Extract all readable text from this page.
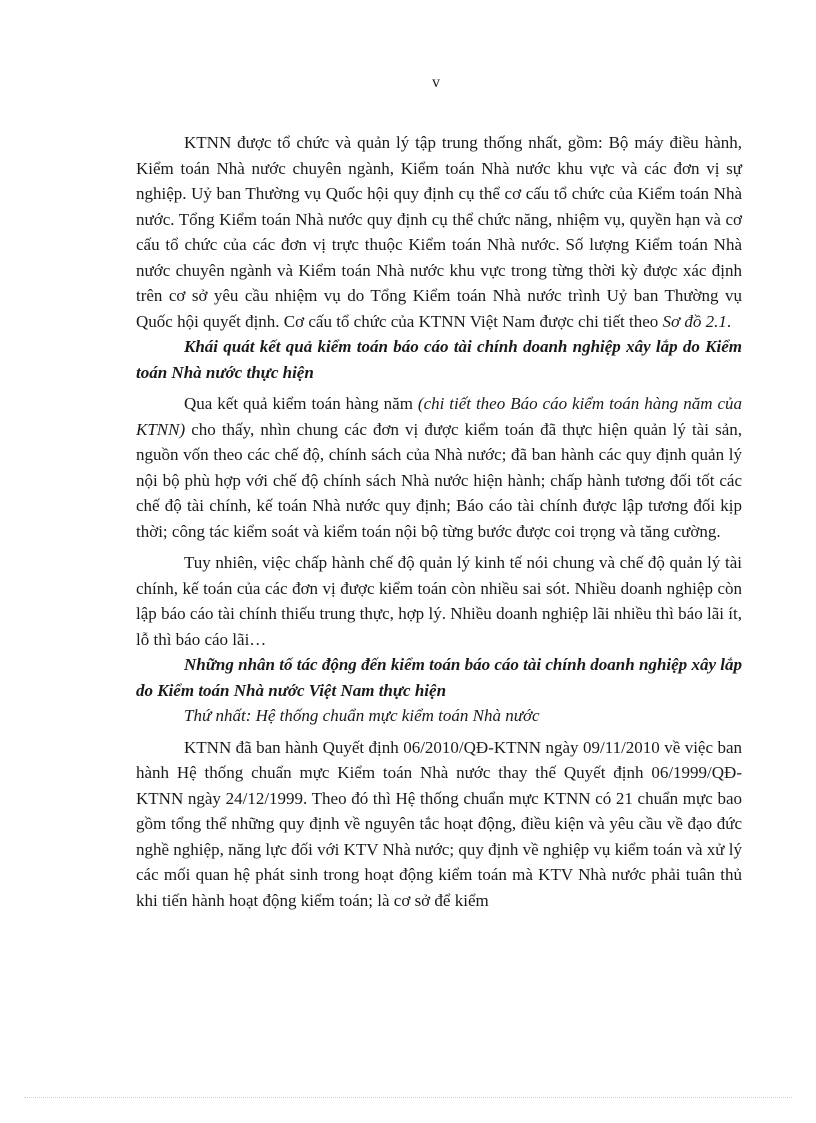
v

KTNN được tổ chức và quản lý tập trung thống nhất, gồm: Bộ máy điều hành, Kiểm toán Nhà nước chuyên ngành, Kiểm toán Nhà nước khu vực và các đơn vị sự nghiệp. Uỷ ban Thường vụ Quốc hội quy định cụ thể cơ cấu tổ chức của Kiểm toán Nhà nước. Tổng Kiểm toán Nhà nước quy định cụ thể chức năng, nhiệm vụ, quyền hạn và cơ cấu tổ chức của các đơn vị trực thuộc Kiểm toán Nhà nước. Số lượng Kiểm toán Nhà nước chuyên ngành và Kiểm toán Nhà nước khu vực trong từng thời kỳ được xác định trên cơ sở yêu cầu nhiệm vụ do Tổng Kiểm toán Nhà nước trình Uỷ ban Thường vụ Quốc hội quyết định. Cơ cấu tổ chức của KTNN Việt Nam được chi tiết theo Sơ đồ 2.1.

Khái quát kết quả kiểm toán báo cáo tài chính doanh nghiệp xây lắp do Kiểm toán Nhà nước thực hiện

Qua kết quả kiểm toán hàng năm (chi tiết theo Báo cáo kiểm toán hàng năm của KTNN) cho thấy, nhìn chung các đơn vị được kiểm toán đã thực hiện quản lý tài sản, nguồn vốn theo các chế độ, chính sách của Nhà nước; đã ban hành các quy định quản lý nội bộ phù hợp với chế độ chính sách Nhà nước hiện hành; chấp hành tương đối tốt các chế độ tài chính, kế toán Nhà nước quy định; Báo cáo tài chính được lập tương đối kịp thời; công tác kiểm soát và kiểm toán nội bộ từng bước được coi trọng và tăng cường.

Tuy nhiên, việc chấp hành chế độ quản lý kinh tế nói chung và chế độ quản lý tài chính, kế toán của các đơn vị được kiểm toán còn nhiều sai sót. Nhiều doanh nghiệp còn lập báo cáo tài chính thiếu trung thực, hợp lý. Nhiều doanh nghiệp lãi nhiều thì báo lãi ít, lỗ thì báo cáo lãi…

Những nhân tố tác động đến kiểm toán báo cáo tài chính doanh nghiệp xây lắp do Kiểm toán Nhà nước Việt Nam thực hiện

Thứ nhất: Hệ thống chuẩn mực kiểm toán Nhà nước

KTNN đã ban hành Quyết định 06/2010/QĐ-KTNN ngày 09/11/2010 về việc ban hành Hệ thống chuẩn mực Kiểm toán Nhà nước thay thế Quyết định 06/1999/QĐ-KTNN ngày 24/12/1999. Theo đó thì Hệ thống chuẩn mực KTNN có 21 chuẩn mực bao gồm tổng thể những quy định về nguyên tắc hoạt động, điều kiện và yêu cầu về đạo đức nghề nghiệp, năng lực đối với KTV Nhà nước; quy định về nghiệp vụ kiểm toán và xử lý các mối quan hệ phát sinh trong hoạt động kiểm toán mà KTV Nhà nước phải tuân thủ khi tiến hành hoạt động kiểm toán; là cơ sở để kiểm
